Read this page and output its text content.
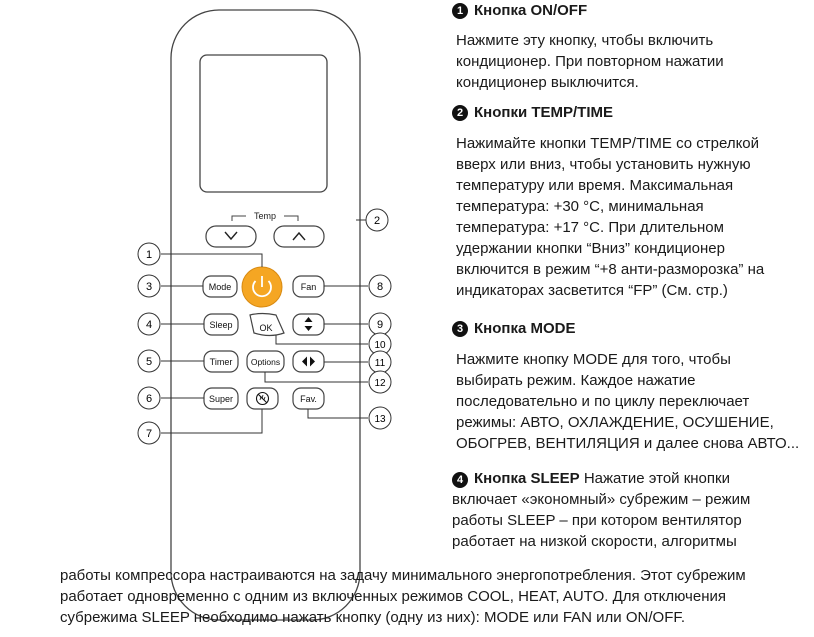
Temp
Mode	Fan
Sleep	OK
Timer Options
Super	Fav.
1
2
3
4
5
6
7
8
9
10
11
12
13
1 Кнопка ON/OFF
Нажмите эту кнопку, чтобы включить
кондиционер. При повторном нажатии
кондиционер выключится.
2 Кнопки TEMP/TIME
Нажимайте кнопки TEMP/TIME со стрелкой
вверх или вниз, чтобы установить нужную
температуру или время. Максимальная
температура: +30 °С, минимальная
температура: +17 °С. При длительном
удержании кнопки “Вниз” кондиционер
включится в режим “+8 анти-разморозка” на
индикаторах засветится “FP” (См. стр.)
3 Кнопка MODE
Нажмите кнопку MODE для того, чтобы
выбирать режим. Каждое нажатие
последовательно и по циклу переключает
режимы: АВТО, ОХЛАЖДЕНИЕ, ОСУШЕНИЕ,
ОБОГРЕВ, ВЕНТИЛЯЦИЯ и далее снова АВТО...
4 Кнопка SLEEP Нажатие этой кнопки
включает «экономный» субрежим – режим
работы SLEEP – при котором вентилятор
работает на низкой скорости, алгоритмы
работы компрессора настраиваются на задачу минимального энергопотребления. Этот субрежим
работает одновременно с одним из включенных режимов COOL, HEAT, AUTO. Для отключения
субрежима SLEEP необходимо нажать кнопку (одну из них): MODE или FAN или ON/OFF.
